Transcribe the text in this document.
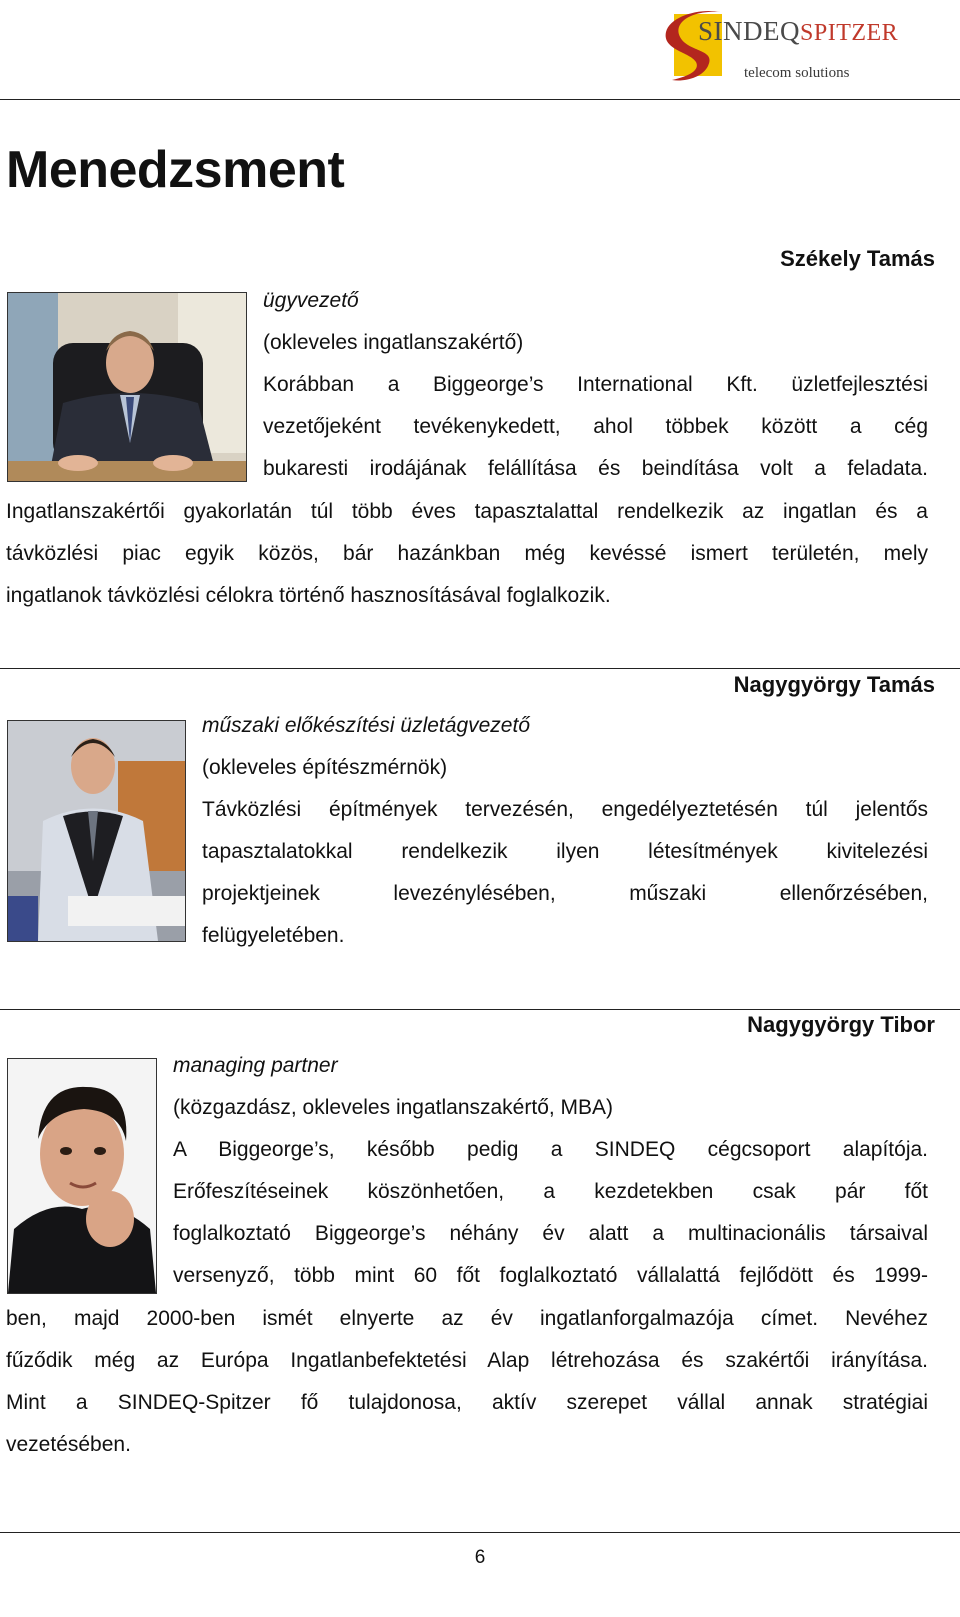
SINDEQSPITZER
telecom solutions
Menedzsment
Székely Tamás
ügyvezető
(okleveles ingatlanszakértő)
Korábban a Biggeorge’s International Kft. üzletfejlesztési
vezetőjeként tevékenykedett, ahol többek között a cég
bukaresti irodájának felállítása és beindítása volt a feladata.
Ingatlanszakértői gyakorlatán túl több éves tapasztalattal rendelkezik az ingatlan és a
távközlési piac egyik közös, bár hazánkban még kevéssé ismert területén, mely
ingatlanok távközlési célokra történő hasznosításával foglalkozik.
Nagygyörgy Tamás
műszaki előkészítési üzletágvezető
(okleveles építészmérnök)
Távközlési építmények tervezésén, engedélyeztetésén túl jelentős
tapasztalatokkal rendelkezik ilyen létesítmények kivitelezési
projektjeinek levezénylésében, műszaki ellenőrzésében,
felügyeletében.
Nagygyörgy Tibor
managing partner
(közgazdász, okleveles ingatlanszakértő, MBA)
A Biggeorge’s, később pedig a SINDEQ cégcsoport alapítója.
Erőfeszítéseinek köszönhetően, a kezdetekben csak pár főt
foglalkoztató Biggeorge’s néhány év alatt a multinacionális társaival
versenyző, több mint 60 főt foglalkoztató vállalattá fejlődött és 1999-
ben, majd 2000-ben ismét elnyerte az év ingatlanforgalmazója címet. Nevéhez
fűződik még az Európa Ingatlanbefektetési Alap létrehozása és szakértői irányítása.
Mint a SINDEQ-Spitzer fő tulajdonosa, aktív szerepet vállal annak stratégiai
vezetésében.
6
